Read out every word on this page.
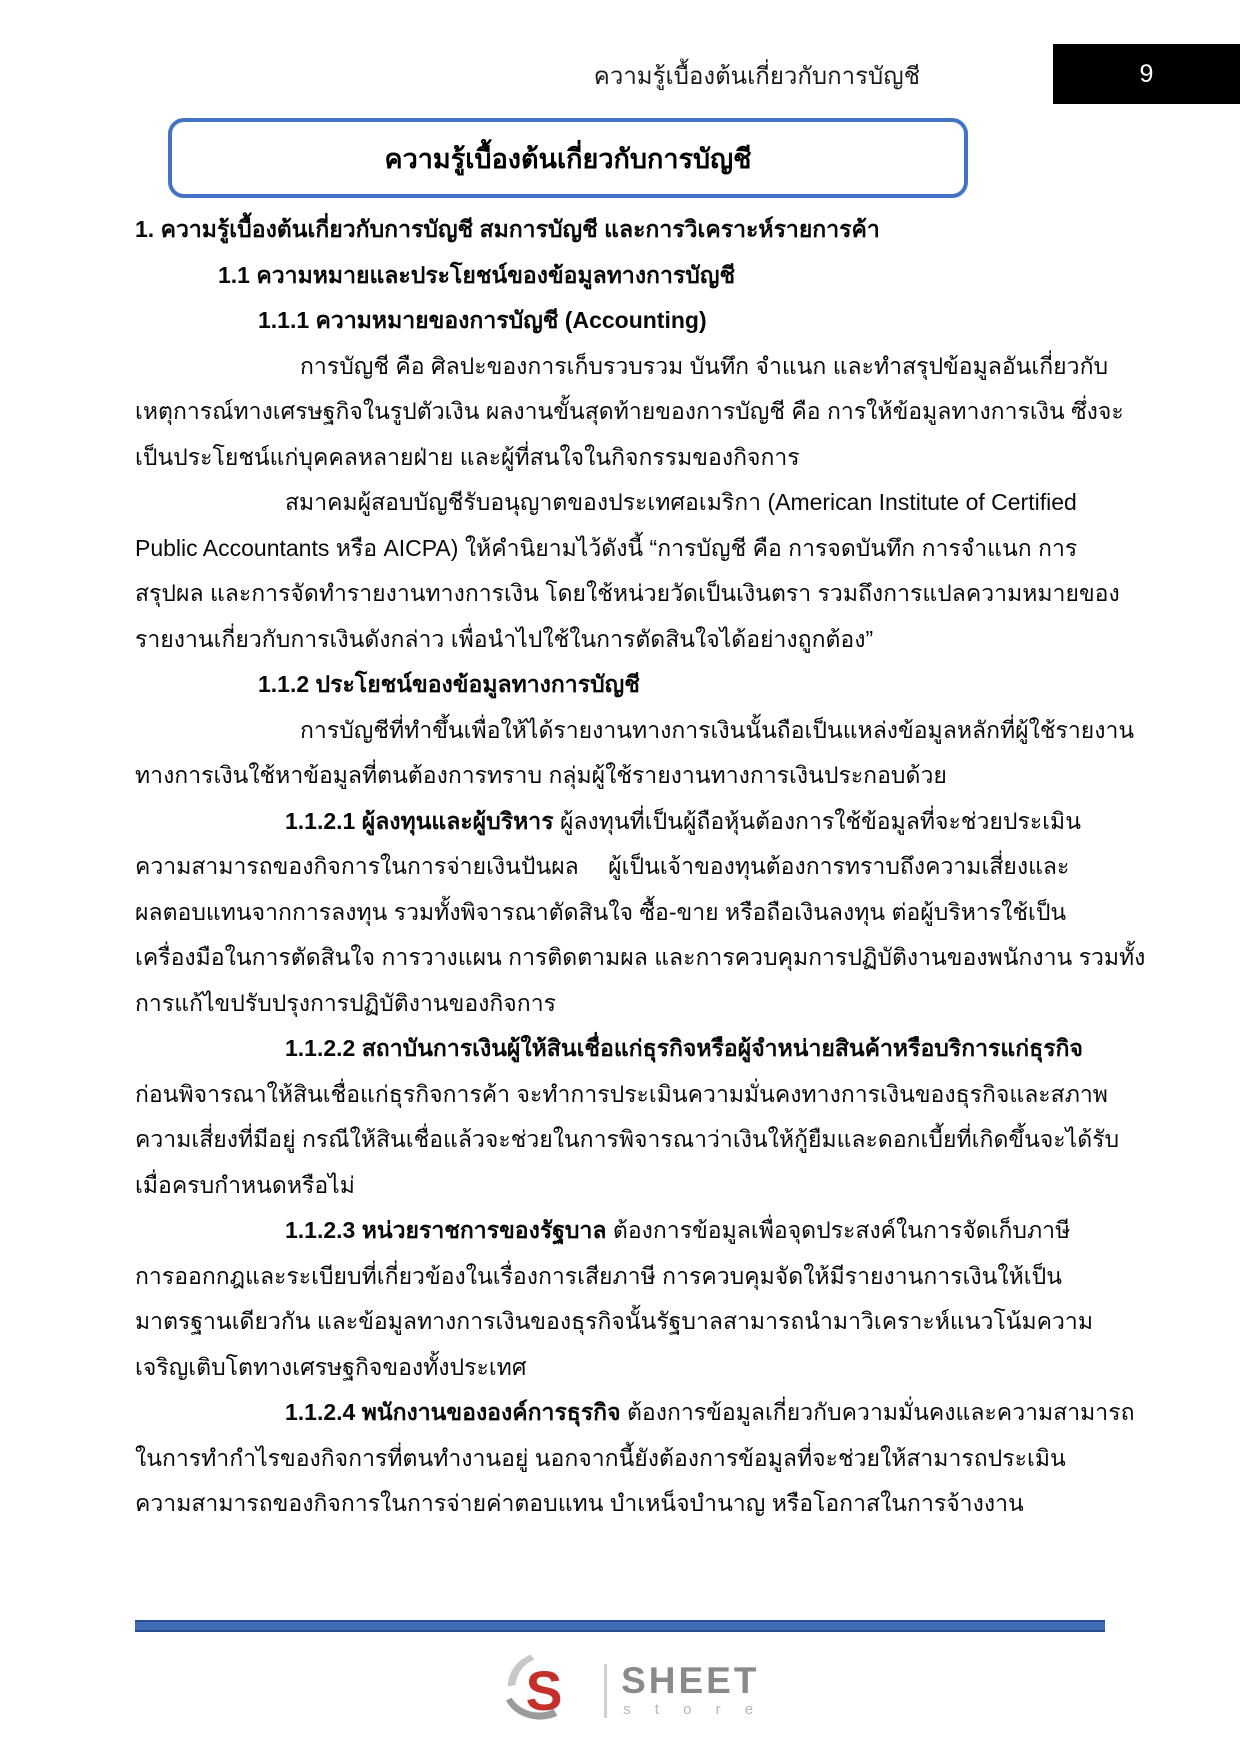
ความรู้เบื้องต้นเกี่ยวกับการบัญชี	9
ความรู้เบื้องต้นเกี่ยวกับการบัญชี
1. ความรู้เบื้องต้นเกี่ยวกับการบัญชี สมการบัญชี และการวิเคราะห์รายการค้า
1.1 ความหมายและประโยชน์ของข้อมูลทางการบัญชี
1.1.1 ความหมายของการบัญชี (Accounting)
การบัญชี คือ ศิลปะของการเก็บรวบรวม บันทึก จำแนก และทำสรุปข้อมูลอันเกี่ยวกับ
เหตุการณ์ทางเศรษฐกิจในรูปตัวเงิน ผลงานขั้นสุดท้ายของการบัญชี คือ การให้ข้อมูลทางการเงิน ซึ่งจะ
เป็นประโยชน์แก่บุคคลหลายฝ่าย และผู้ที่สนใจในกิจกรรมของกิจการ
สมาคมผู้สอบบัญชีรับอนุญาตของประเทศอเมริกา (American Institute of Certified
Public Accountants หรือ AICPA) ให้คำนิยามไว้ดังนี้ “การบัญชี คือ การจดบันทึก การจำแนก การ
สรุปผล และการจัดทำรายงานทางการเงิน โดยใช้หน่วยวัดเป็นเงินตรา รวมถึงการแปลความหมายของ
รายงานเกี่ยวกับการเงินดังกล่าว เพื่อนำไปใช้ในการตัดสินใจได้อย่างถูกต้อง”
1.1.2 ประโยชน์ของข้อมูลทางการบัญชี
การบัญชีที่ทำขึ้นเพื่อให้ได้รายงานทางการเงินนั้นถือเป็นแหล่งข้อมูลหลักที่ผู้ใช้รายงาน
ทางการเงินใช้หาข้อมูลที่ตนต้องการทราบ กลุ่มผู้ใช้รายงานทางการเงินประกอบด้วย
1.1.2.1 ผู้ลงทุนและผู้บริหาร ผู้ลงทุนที่เป็นผู้ถือหุ้นต้องการใช้ข้อมูลที่จะช่วยประเมิน
ความสามารถของกิจการในการจ่ายเงินปันผล  ผู้เป็นเจ้าของทุนต้องการทราบถึงความเสี่ยงและ
ผลตอบแทนจากการลงทุน รวมทั้งพิจารณาตัดสินใจ ซื้อ-ขาย หรือถือเงินลงทุน ต่อผู้บริหารใช้เป็น
เครื่องมือในการตัดสินใจ การวางแผน การติดตามผล และการควบคุมการปฏิบัติงานของพนักงาน รวมทั้ง
การแก้ไขปรับปรุงการปฏิบัติงานของกิจการ
1.1.2.2 สถาบันการเงินผู้ให้สินเชื่อแก่ธุรกิจหรือผู้จำหน่ายสินค้าหรือบริการแก่ธุรกิจ
ก่อนพิจารณาให้สินเชื่อแก่ธุรกิจการค้า จะทำการประเมินความมั่นคงทางการเงินของธุรกิจและสภาพ
ความเสี่ยงที่มีอยู่ กรณีให้สินเชื่อแล้วจะช่วยในการพิจารณาว่าเงินให้กู้ยืมและดอกเบี้ยที่เกิดขึ้นจะได้รับ
เมื่อครบกำหนดหรือไม่
1.1.2.3 หน่วยราชการของรัฐบาล ต้องการข้อมูลเพื่อจุดประสงค์ในการจัดเก็บภาษี
การออกกฎและระเบียบที่เกี่ยวข้องในเรื่องการเสียภาษี การควบคุมจัดให้มีรายงานการเงินให้เป็น
มาตรฐานเดียวกัน และข้อมูลทางการเงินของธุรกิจนั้นรัฐบาลสามารถนำมาวิเคราะห์แนวโน้มความ
เจริญเติบโตทางเศรษฐกิจของทั้งประเทศ
1.1.2.4 พนักงานขององค์การธุรกิจ ต้องการข้อมูลเกี่ยวกับความมั่นคงและความสามารถ
ในการทำกำไรของกิจการที่ตนทำงานอยู่ นอกจากนี้ยังต้องการข้อมูลที่จะช่วยให้สามารถประเมิน
ความสามารถของกิจการในการจ่ายค่าตอบแทน บำเหน็จบำนาญ หรือโอกาสในการจ้างงาน
S SHEET
s t o r e
